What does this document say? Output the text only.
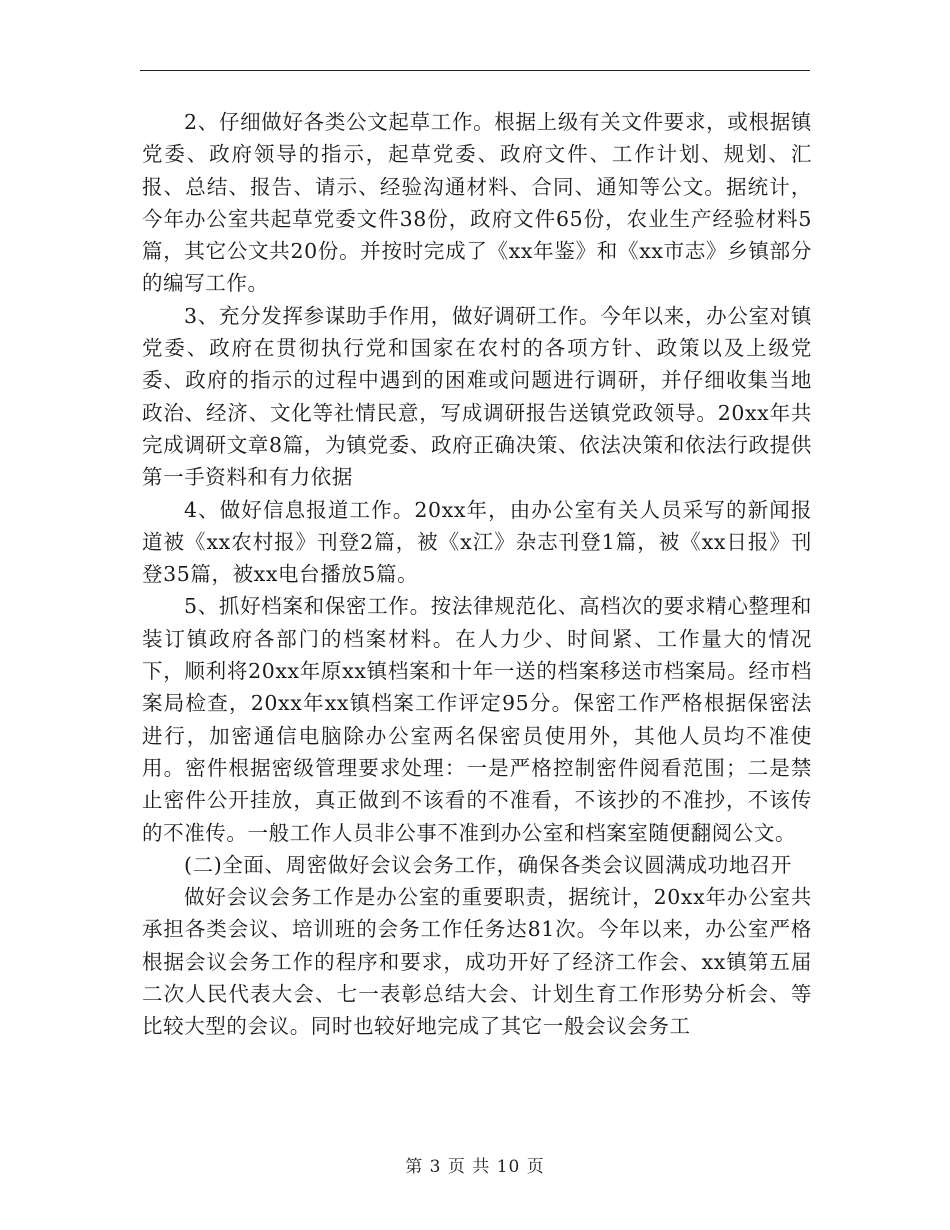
2、仔细做好各类公文起草工作。根据上级有关文件要求，或根据镇党委、政府领导的指示，起草党委、政府文件、工作计划、规划、汇报、总结、报告、请示、经验沟通材料、合同、通知等公文。据统计，今年办公室共起草党委文件38份，政府文件65份，农业生产经验材料5篇，其它公文共20份。并按时完成了《xx年鉴》和《xx市志》乡镇部分的编写工作。

3、充分发挥参谋助手作用，做好调研工作。今年以来，办公室对镇党委、政府在贯彻执行党和国家在农村的各项方针、政策以及上级党委、政府的指示的过程中遇到的困难或问题进行调研，并仔细收集当地政治、经济、文化等社情民意，写成调研报告送镇党政领导。20xx年共完成调研文章8篇，为镇党委、政府正确决策、依法决策和依法行政提供第一手资料和有力依据

4、做好信息报道工作。20xx年，由办公室有关人员采写的新闻报道被《xx农村报》刊登2篇，被《x江》杂志刊登1篇，被《xx日报》刊登35篇，被xx电台播放5篇。

5、抓好档案和保密工作。按法律规范化、高档次的要求精心整理和装订镇政府各部门的档案材料。在人力少、时间紧、工作量大的情况下，顺利将20xx年原xx镇档案和十年一送的档案移送市档案局。经市档案局检查，20xx年xx镇档案工作评定95分。保密工作严格根据保密法进行，加密通信电脑除办公室两名保密员使用外，其他人员均不准使用。密件根据密级管理要求处理：一是严格控制密件阅看范围；二是禁止密件公开挂放，真正做到不该看的不准看，不该抄的不准抄，不该传的不准传。一般工作人员非公事不准到办公室和档案室随便翻阅公文。

(二)全面、周密做好会议会务工作，确保各类会议圆满成功地召开

做好会议会务工作是办公室的重要职责，据统计，20xx年办公室共承担各类会议、培训班的会务工作任务达81次。今年以来，办公室严格根据会议会务工作的程序和要求，成功开好了经济工作会、xx镇第五届二次人民代表大会、七一表彰总结大会、计划生育工作形势分析会、等比较大型的会议。同时也较好地完成了其它一般会议会务工

第 3 页 共 10 页
